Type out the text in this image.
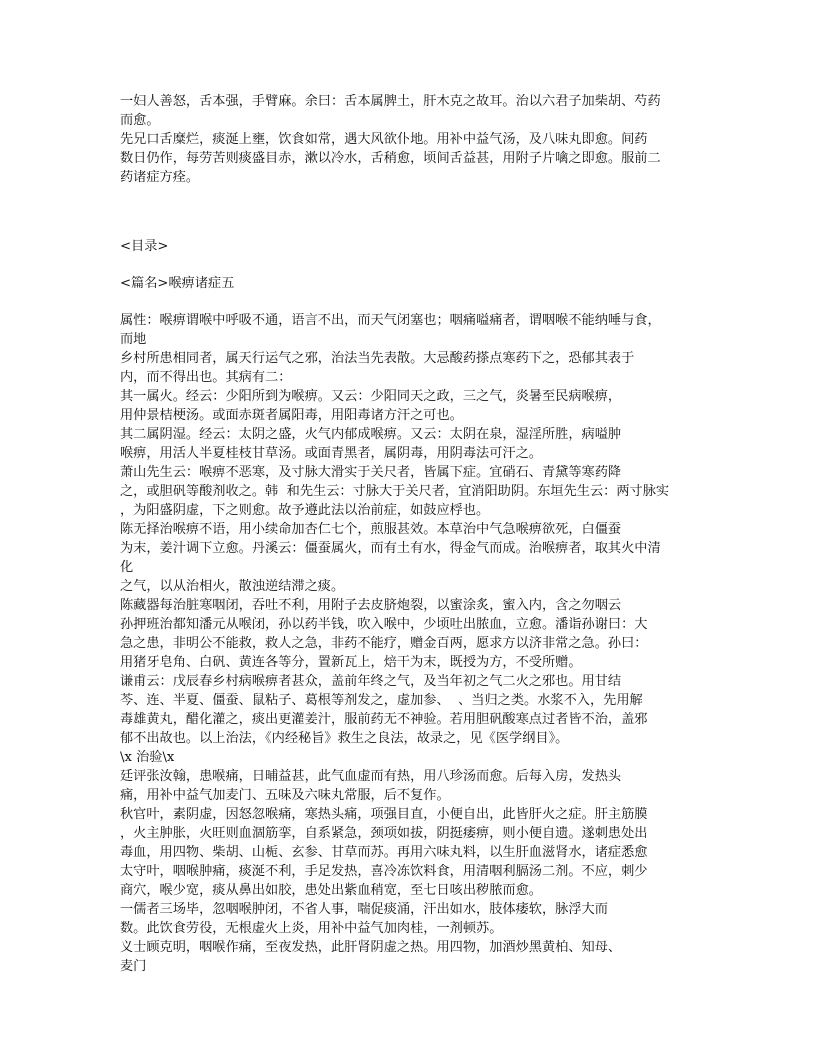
一妇人善怒，舌本强，手臂麻。余曰：舌本属脾土，肝木克之故耳。治以六君子加柴胡、芍药
而愈。
先兄口舌糜烂，痰涎上壅，饮食如常，遇大风欲仆地。用补中益气汤，及八味丸即愈。间药
数日仍作，每劳苦则痰盛目赤，漱以冷水，舌稍愈，顷间舌益甚，用附子片噙之即愈。服前二
药诸症方痊。
<目录>
<篇名>喉痹诸症五
属性：喉痹谓喉中呼吸不通，语言不出，而天气闭塞也；咽痛嗌痛者，谓咽喉不能纳唾与食，
而地
乡村所患相同者，属天行运气之邪，治法当先表散。大忌酸药搽点寒药下之，恐郁其表于
内，而不得出也。其病有二：
其一属火。经云：少阳所到为喉痹。又云：少阳同天之政，三之气，炎暑至民病喉痹，
用仲景桔梗汤。或面赤斑者属阳毒，用阳毒诸方汗之可也。
其二属阴湿。经云：太阴之盛，火气内郁成喉痹。又云：太阴在泉，湿淫所胜，病嗌肿
喉痹，用活人半夏桂枝甘草汤。或面青黑者，属阴毒，用阴毒法可汗之。
萧山先生云：喉痹不恶寒，及寸脉大滑实于关尺者，皆属下症。宜硝石、青黛等寒药降
之，或胆矾等酸剂收之。韩  和先生云：寸脉大于关尺者，宜消阳助阴。东垣先生云：两寸脉实
，为阳盛阴虚，下之则愈。故予遵此法以治前症，如鼓应桴也。
陈无择治喉痹不语，用小续命加杏仁七个，煎服甚效。本草治中气急喉痹欲死，白僵蚕
为末，姜汁调下立愈。丹溪云：僵蚕属火，而有土有水，得金气而成。治喉痹者，取其火中清
化
之气，以从治相火，散浊逆结滞之痰。
陈藏器每治脏寒咽闭，吞吐不利，用附子去皮脐炮裂，以蜜涂炙，蜜入内，含之勿咽云
孙押班治都知潘元从喉闭，孙以药半钱，吹入喉中，少顷吐出脓血，立愈。潘诣孙谢曰：大
急之患，非明公不能救，救人之急，非药不能疗，赠金百两，愿求方以济非常之急。孙曰：
用猪牙皂角、白矾、黄连各等分，置新瓦上，焙干为末，既授为方，不受所赠。
谦甫云：戊辰春乡村病喉痹者甚众，盖前年终之气，及当年初之气二火之邪也。用甘结
芩、连、半夏、僵蚕、鼠粘子、葛根等剂发之，虚加参、  、当归之类。水浆不入，先用解
毒雄黄丸，醋化灌之，痰出更灌姜汁，服前药无不神验。若用胆矾酸寒点过者皆不治，盖邪
郁不出故也。以上治法，《内经秘旨》救生之良法，故录之，见《医学纲目》。
\x 治验\x
廷评张汝翰，患喉痛，日晡益甚，此气血虚而有热，用八珍汤而愈。后每入房，发热头
痛，用补中益气加麦门、五味及六味丸常服，后不复作。
秋官叶，素阴虚，因怒忽喉痛，寒热头痛，项强目直，小便自出，此皆肝火之症。肝主筋膜
，火主肿胀，火旺则血涸筋挛，自系紧急，颈项如拔，阴挺痿痹，则小便自遗。遂刺患处出
毒血，用四物、柴胡、山栀、玄参、甘草而苏。再用六味丸料，以生肝血滋肾水，诸症悉愈
太守叶，咽喉肿痛，痰涎不利，手足发热，喜冷冻饮料食，用清咽利膈汤二剂。不应，刺少
商穴，喉少宽，痰从鼻出如胶，患处出紫血稍宽，至七日咳出秽脓而愈。
一儒者三场毕，忽咽喉肿闭，不省人事，喘促痰涌，汗出如水，肢体痿软，脉浮大而
数。此饮食劳役，无根虚火上炎，用补中益气加肉桂，一剂顿苏。
义士顾克明，咽喉作痛，至夜发热，此肝肾阴虚之热。用四物，加酒炒黑黄柏、知母、
麦门
